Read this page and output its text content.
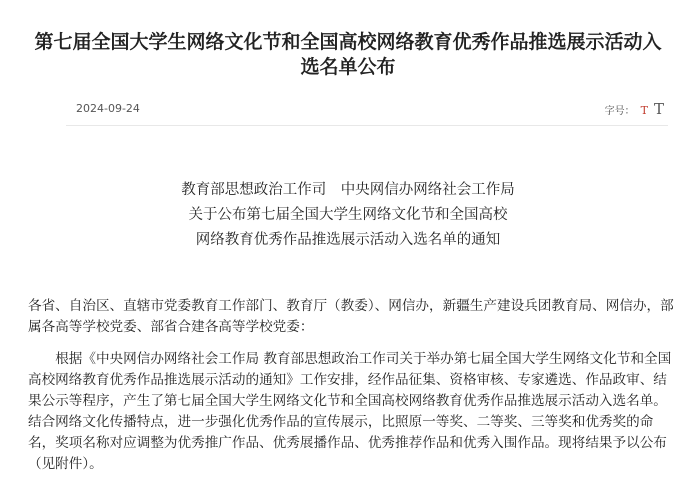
第七届全国大学生网络文化节和全国高校网络教育优秀作品推选展示活动入
选名单公布
2024-09-24	字号： T T
教育部思想政治工作司　中央网信办网络社会工作局
关于公布第七届全国大学生网络文化节和全国高校
网络教育优秀作品推选展示活动入选名单的通知

各省、自治区、直辖市党委教育工作部门、教育厅（教委）、网信办，新疆生产建设兵团教育局、网信办，部属各高等学校党委、部省合建各高等学校党委：

根据《中央网信办网络社会工作局 教育部思想政治工作司关于举办第七届全国大学生网络文化节和全国高校网络教育优秀作品推选展示活动的通知》工作安排，经作品征集、资格审核、专家遴选、作品政审、结果公示等程序，产生了第七届全国大学生网络文化节和全国高校网络教育优秀作品推选展示活动入选名单。结合网络文化传播特点，进一步强化优秀作品的宣传展示，比照原一等奖、二等奖、三等奖和优秀奖的命名，奖项名称对应调整为优秀推广作品、优秀展播作品、优秀推荐作品和优秀入围作品。现将结果予以公布（见附件）。
